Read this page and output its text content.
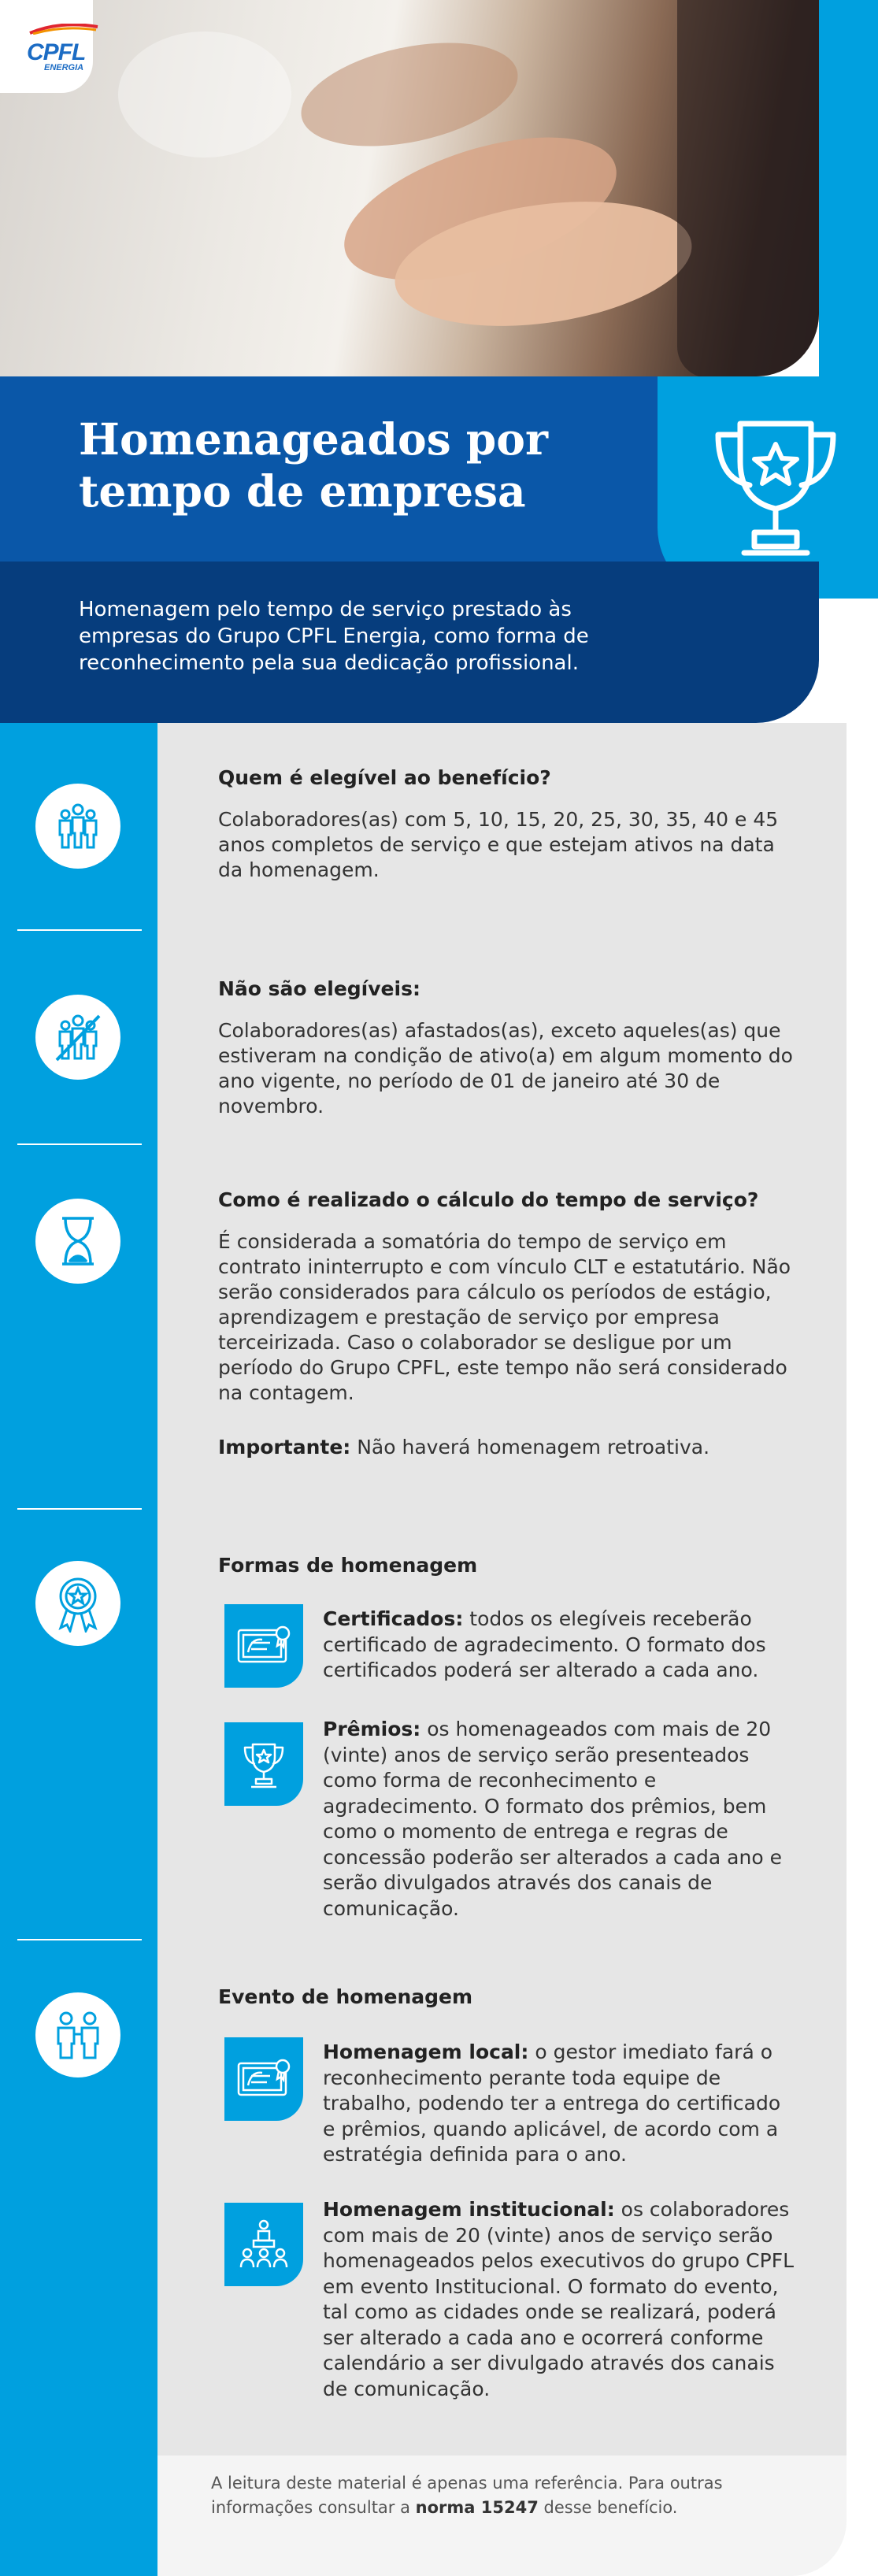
CPFL
ENERGIA
Homenageados por tempo de empresa
Homenagem pelo tempo de serviço prestado às empresas do Grupo CPFL Energia, como forma de reconhecimento pela sua dedicação profissional.
Quem é elegível ao benefício?
Colaboradores(as) com 5, 10, 15, 20, 25, 30, 35, 40 e 45 anos completos de serviço e que estejam ativos na data da homenagem.
Não são elegíveis:
Colaboradores(as) afastados(as), exceto aqueles(as) que estiveram na condição de ativo(a) em algum momento do ano vigente, no período de 01 de janeiro até 30 de novembro.
Como é realizado o cálculo do tempo de serviço?
É considerada a somatória do tempo de serviço em contrato ininterrupto e com vínculo CLT e estatutário. Não serão considerados para cálculo os períodos de estágio, aprendizagem e prestação de serviço por empresa terceirizada. Caso o colaborador se desligue por um período do Grupo CPFL, este tempo não será considerado na contagem.
Importante: Não haverá homenagem retroativa.
Formas de homenagem
Certificados: todos os elegíveis receberão certificado de agradecimento. O formato dos certificados poderá ser alterado a cada ano.
Prêmios: os homenageados com mais de 20 (vinte) anos de serviço serão presenteados como forma de reconhecimento e agradecimento. O formato dos prêmios, bem como o momento de entrega e regras de concessão poderão ser alterados a cada ano e serão divulgados através dos canais de comunicação.
Evento de homenagem
Homenagem local: o gestor imediato fará o reconhecimento perante toda equipe de trabalho, podendo ter a entrega do certificado e prêmios, quando aplicável, de acordo com a estratégia definida para o ano.
Homenagem institucional: os colaboradores com mais de 20 (vinte) anos de serviço serão homenageados pelos executivos do grupo CPFL em evento Institucional. O formato do evento, tal como as cidades onde se realizará, poderá ser alterado a cada ano e ocorrerá conforme calendário a ser divulgado através dos canais de comunicação.
A leitura deste material é apenas uma referência. Para outras informações consultar a norma 15247 desse benefício.
